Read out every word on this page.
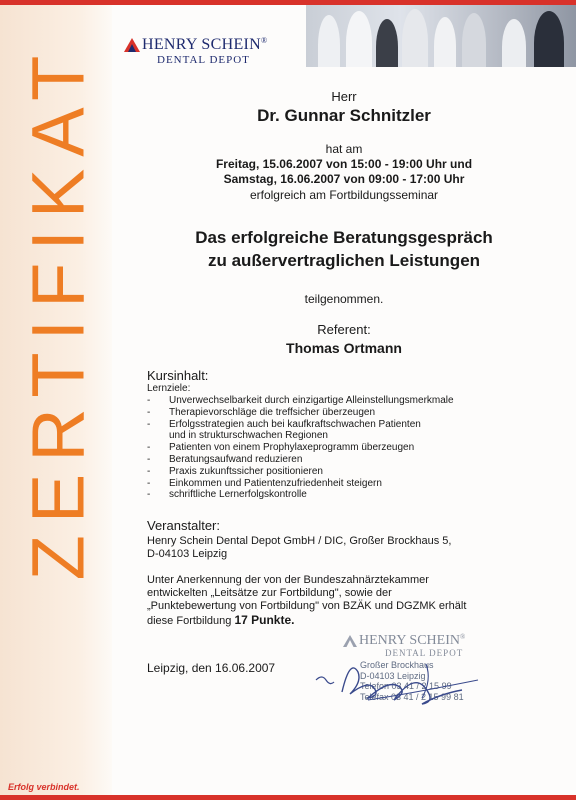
ZERTIFIKAT	HENRY SCHEIN®
DENTAL DEPOT
Herr
Dr. Gunnar Schnitzler
hat am
Freitag, 15.06.2007 von 15:00 - 19:00 Uhr und
Samstag, 16.06.2007 von 09:00 - 17:00 Uhr
erfolgreich am Fortbildungsseminar
Das erfolgreiche Beratungsgespräch
zu außervertraglichen Leistungen
teilgenommen.
Referent:
Thomas Ortmann
Kursinhalt:
Lernziele:
- Unverwechselbarkeit durch einzigartige Alleinstellungsmerkmale
- Therapievorschläge die treffsicher überzeugen
- Erfolgsstrategien auch bei kaufkraftschwachen Patienten
und in strukturschwachen Regionen
- Patienten von einem Prophylaxeprogramm überzeugen
- Beratungsaufwand reduzieren
- Praxis zukunftssicher positionieren
- Einkommen und Patientenzufriedenheit steigern
- schriftliche Lernerfolgskontrolle
Veranstalter:
Henry Schein Dental Depot GmbH / DIC, Großer Brockhaus 5,
D-04103 Leipzig
Unter Anerkennung der von der Bundeszahnärztekammer
entwickelten „Leitsätze zur Fortbildung", sowie der
„Punktebewertung von Fortbildung" von BZÄK und DGZMK erhält
diese Fortbildung 17 Punkte.
HENRY SCHEIN®
DENTAL DEPOT
Leipzig, den 16.06.2007	Großer Brockhaus
D-04103 Leipzig
Telefon 03 41 / 2 15 99
Telefax 03 41 / 2 15 99 81
Erfolg verbindet.
